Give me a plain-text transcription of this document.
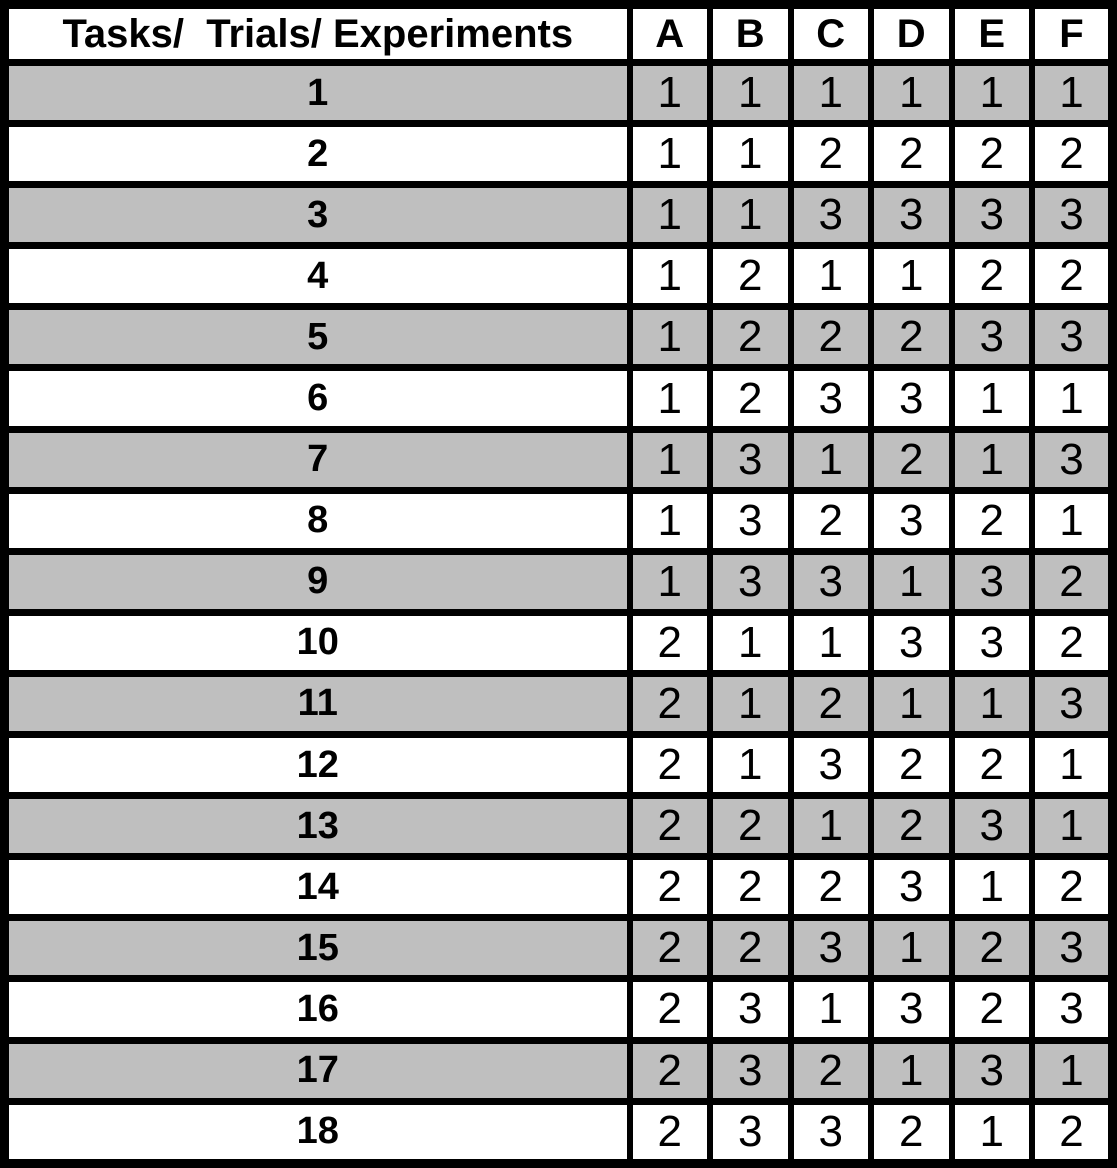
Tasks/  Trials/ Experiments	A	B	C	D	E	F
1	1	1	1	1	1	1
2	1	1	2	2	2	2
3	1	1	3	3	3	3
4	1	2	1	1	2	2
5	1	2	2	2	3	3
6	1	2	3	3	1	1
7	1	3	1	2	1	3
8	1	3	2	3	2	1
9	1	3	3	1	3	2
10	2	1	1	3	3	2
11	2	1	2	1	1	3
12	2	1	3	2	2	1
13	2	2	1	2	3	1
14	2	2	2	3	1	2
15	2	2	3	1	2	3
16	2	3	1	3	2	3
17	2	3	2	1	3	1
18	2	3	3	2	1	2
